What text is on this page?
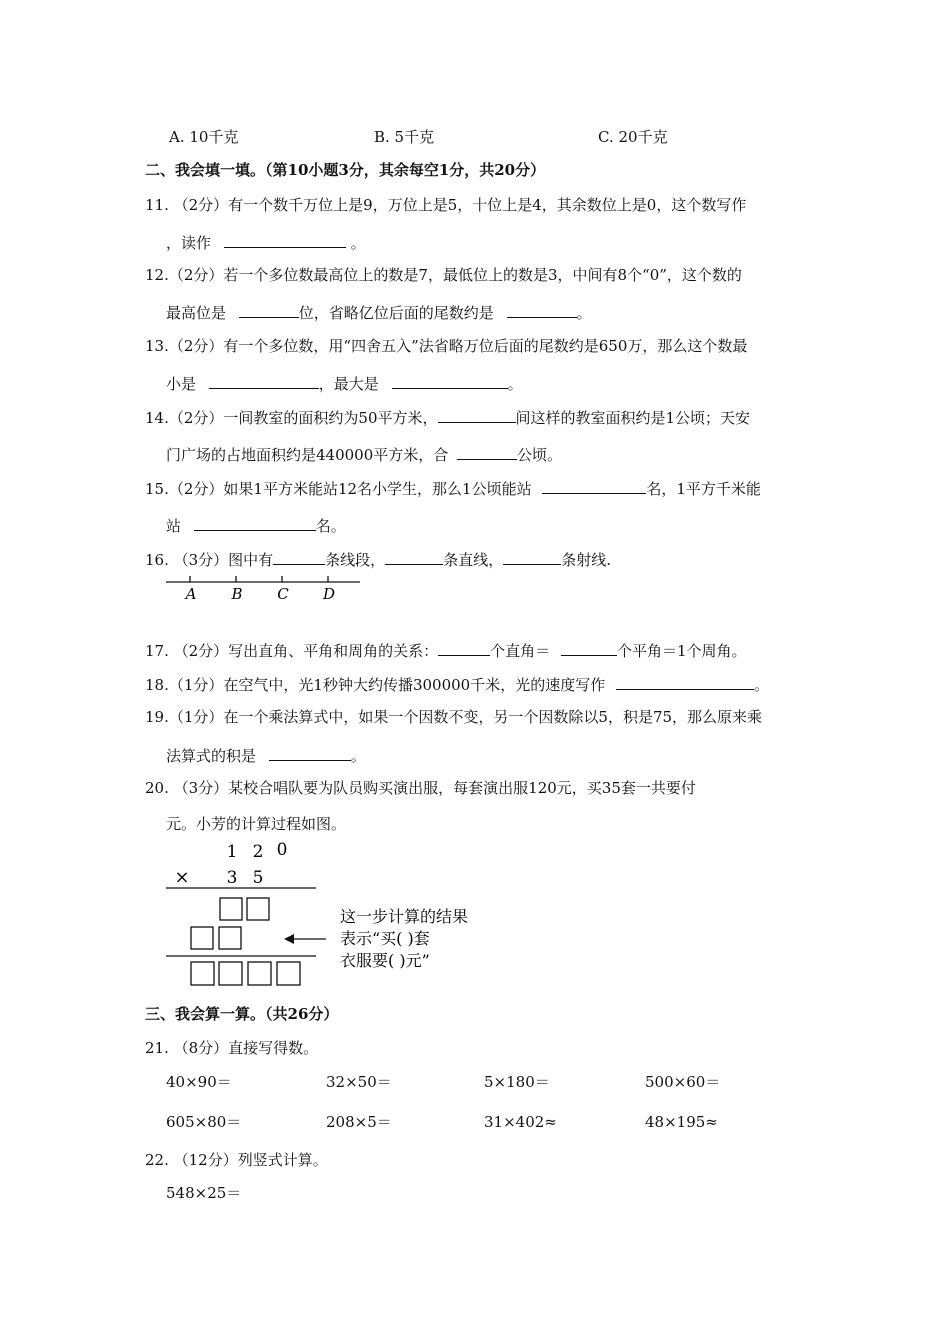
A. 10千克	B. 5千克	C. 20千克
二、我会填一填。（第10小题3分，其余每空1分，共20分）
11. （2分）有一个数千万位上是9，万位上是5，十位上是4，其余数位上是0，这个数写作
，读作	。
12.（2分）若一个多位数最高位上的数是7，最低位上的数是3，中间有8个“0”，这个数的
最高位是	位，省略亿位后面的尾数约是	。
13.（2分）有一个多位数，用“四舍五入”法省略万位后面的尾数约是650万，那么这个数最
小是	，最大是	。
14.（2分）一间教室的面积约为50平方米，	间这样的教室面积约是1公顷；天安
门广场的占地面积约是440000平方米，合	公顷。
15.（2分）如果1平方米能站12名小学生，那么1公顷能站	名，1平方千米能
站	名。
16. （3分）图中有	条线段，	条直线，	条射线.
A B C D
17. （2分）写出直角、平角和周角的关系：	个直角＝	个平角＝1个周角。
18.（1分）在空气中，光1秒钟大约传播300000千米，光的速度写作	。
19.（1分）在一个乘法算式中，如果一个因数不变，另一个因数除以5，积是75，那么原来乘
法算式的积是	。
20. （3分）某校合唱队要为队员购买演出服，每套演出服120元，买35套一共要付
元。小芳的计算过程如图。
1 2 0
× 3 5
这一步计算的结果
表示“买( )套
衣服要( )元”
三、我会算一算。（共26分）
21. （8分）直接写得数。
40×90＝	32×50＝	5×180＝	500×60＝
605×80＝	208×5＝	31×402≈	48×195≈
22. （12分）列竖式计算。
548×25＝
